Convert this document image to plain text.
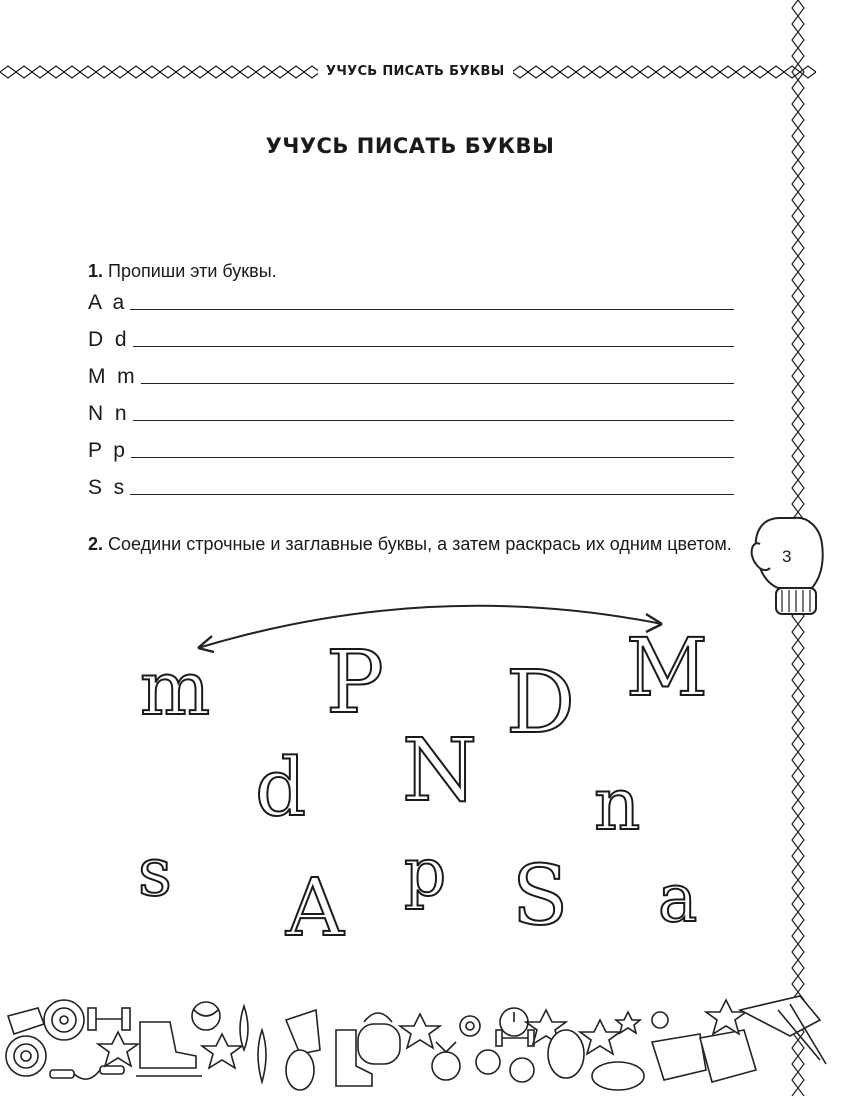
УЧУСЬ ПИСАТЬ БУКВЫ
УЧУСЬ ПИСАТЬ БУКВЫ
1. Пропиши эти буквы.
A  a
D  d
M  m
N  n
P  p
S  s
3
2. Соедини строчные и заглавные буквы, а затем раскрась их одним цветом.
m P D M
d N n
s A p S a
